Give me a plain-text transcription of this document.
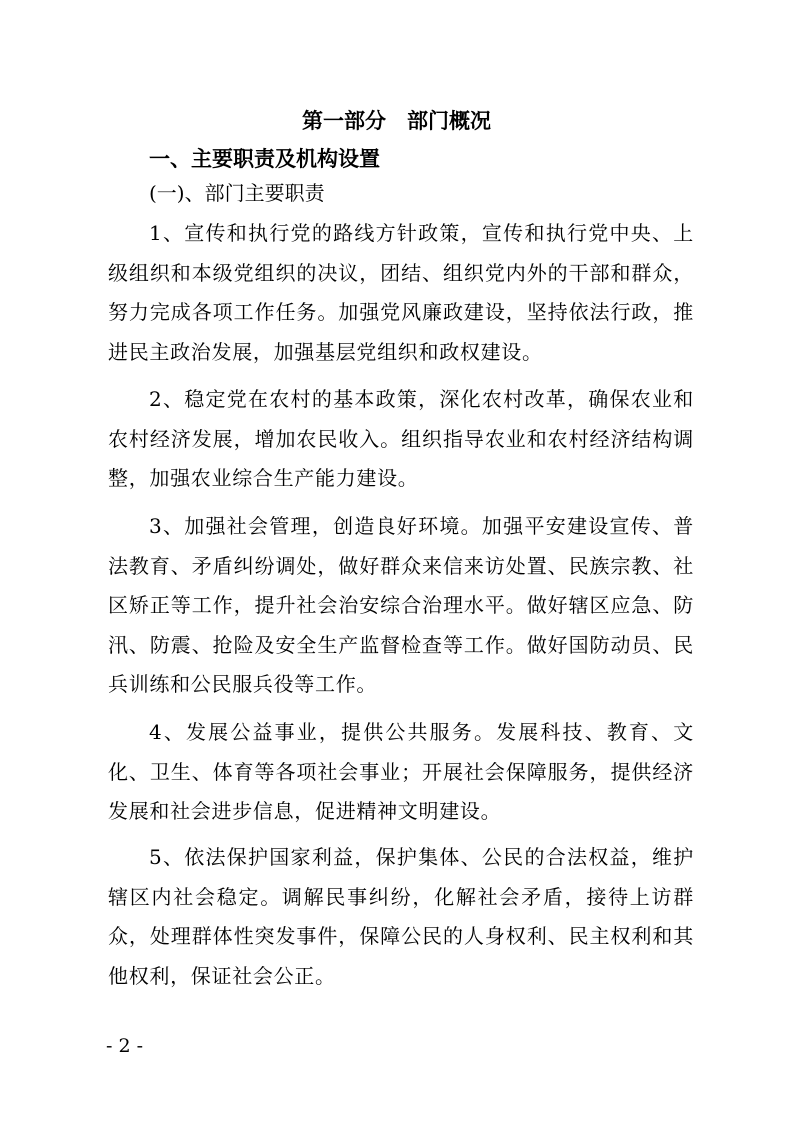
第一部分　部门概况
一、主要职责及机构设置
(一)、部门主要职责
1、宣传和执行党的路线方针政策，宣传和执行党中央、上级组织和本级党组织的决议，团结、组织党内外的干部和群众，努力完成各项工作任务。加强党风廉政建设，坚持依法行政，推进民主政治发展，加强基层党组织和政权建设。
2、稳定党在农村的基本政策，深化农村改革，确保农业和农村经济发展，增加农民收入。组织指导农业和农村经济结构调整，加强农业综合生产能力建设。
3、加强社会管理，创造良好环境。加强平安建设宣传、普法教育、矛盾纠纷调处，做好群众来信来访处置、民族宗教、社区矫正等工作，提升社会治安综合治理水平。做好辖区应急、防汛、防震、抢险及安全生产监督检查等工作。做好国防动员、民兵训练和公民服兵役等工作。
4、发展公益事业，提供公共服务。发展科技、教育、文化、卫生、体育等各项社会事业；开展社会保障服务，提供经济发展和社会进步信息，促进精神文明建设。
5、依法保护国家利益，保护集体、公民的合法权益，维护辖区内社会稳定。调解民事纠纷，化解社会矛盾，接待上访群众，处理群体性突发事件，保障公民的人身权利、民主权利和其他权利，保证社会公正。
- 2 -
